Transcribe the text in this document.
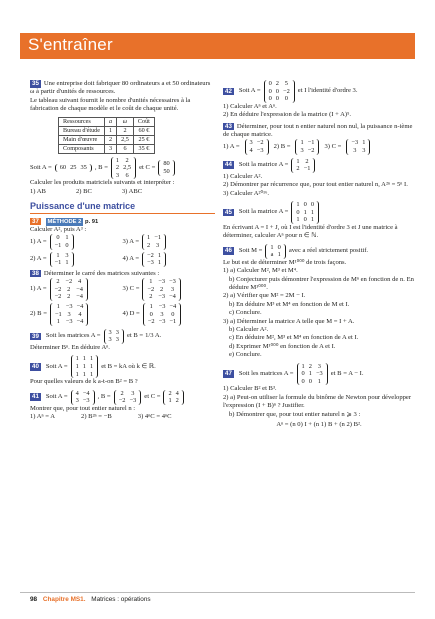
S'entraîner
35 Une entreprise doit fabriquer 80 ordinateurs a et 50 ordinateurs ω à partir d'unités de ressources.
Le tableau suivant fournit le nombre d'unités nécessaires à la fabrication de chaque modèle et le coût de chaque unité.
Ressources	a	ω	Coût
Bureau d'étude	1	2	60 €
Main d'œuvre	2	2,5	25 €
Composants	3	6	35 €
Soit A = 60	25	35 , B =
1	2
2	2,5
3	6
et C = 80
50
Calculer les produits matriciels suivants et interpréter :
1) AB	2) BC	3) ABC
Puissance d'une matrice
37 MÉTHODE 2 p. 91
Calculer A², puis A³ :
1) A = 0	1
−1	0
3) A = 1	−1
2	3
2) A = 1	3
−1	1
4) A = −2	1
−3	1
38 Déterminer le carré des matrices suivantes :
1) A =
2	−2	4
−2	2	−4
−2	2	−4
3) C =
1	−3	−3
−2	2	3
2	−3	−4
2) B =
1	−3	−4
−1	3	4
1	−3	−4
4) D =
1	−3	−4
0	3	0
−2	−3	−1
39	Soit les matrices A = 3	3
3	3
et B = 1/3 A.
Déterminer Bⁿ. En déduire Aⁿ.
40	Soit A =
1	1	1
1	1	1
1	1	1
et B = kA où k ∈ ℝ.
Pour quelles valeurs de k a-t-on B² = B ?
41	Soit A = 4	−4
3	−3
, B = 2	3
−2	−3
et C = 2	4
1	2
Montrer que, pour tout entier naturel n :
1) Aⁿ = A	2) B²ⁿ = −B	3) 4ⁿC = 4ⁿC
42	Soit A =
0	2	5
0	0	−2
0	0	0
et I l'identité d'ordre 3.
1) Calculer Aⁿ et Aⁿ.
2) En déduire l'expression de la matrice (I + A)⁵.
43 Déterminer, pour tout n entier naturel non nul, la puissance n-ième de chaque matrice.
1) A = 3	−2
4	−3
2) B = 1	−1
3	−2
3) C = −3	1
3	3
44	Soit la matrice A = 1	2
2	−1
1) Calculer A².
2) Démontrer par récurrence que, pour tout entier naturel n, A²ⁿ = 5ⁿ I.
3) Calculer A²⁰¹⁶.
45	Soit la matrice A =
1	0	0
0	1	1
1	0	1
En écrivant A = I + J, où I est l'identité d'ordre 3 et J une matrice à déterminer, calculer Aⁿ pour n ∈ ℕ.
46	Soit M = 1	0
a	1
avec a réel strictement positif.
Le but est de déterminer M¹⁰⁰⁰ de trois façons.
1) a) Calculer M², M³ et M⁴.
b) Conjecturer puis démontrer l'expression de Mⁿ en fonction de n. En déduire M¹⁰⁰⁰.
2) a) Vérifier que M² = 2M − I.
b) En déduire M³ et M⁴ en fonction de M et I.
c) Conclure.
3) a) Déterminer la matrice A telle que M = I + A.
b) Calculer A².
c) En déduire M², M³ et M⁴ en fonction de A et I.
d) Exprimer M¹⁰⁰⁰ en fonction de A et I.
e) Conclure.
47	Soit les matrices A =
1	2	3
0	1	−3
0	0	1
et B = A − I.
1) Calculer B² et B³.
2) a) Peut-on utiliser la formule du binôme de Newton pour développer l'expression (I + B)ⁿ ? Justifier.
b) Démontrer que, pour tout entier naturel n ⩾ 3 :
Aⁿ = (n 0) I + (n 1) B + (n 2) B².
98 Chapitre MS1. Matrices : opérations
